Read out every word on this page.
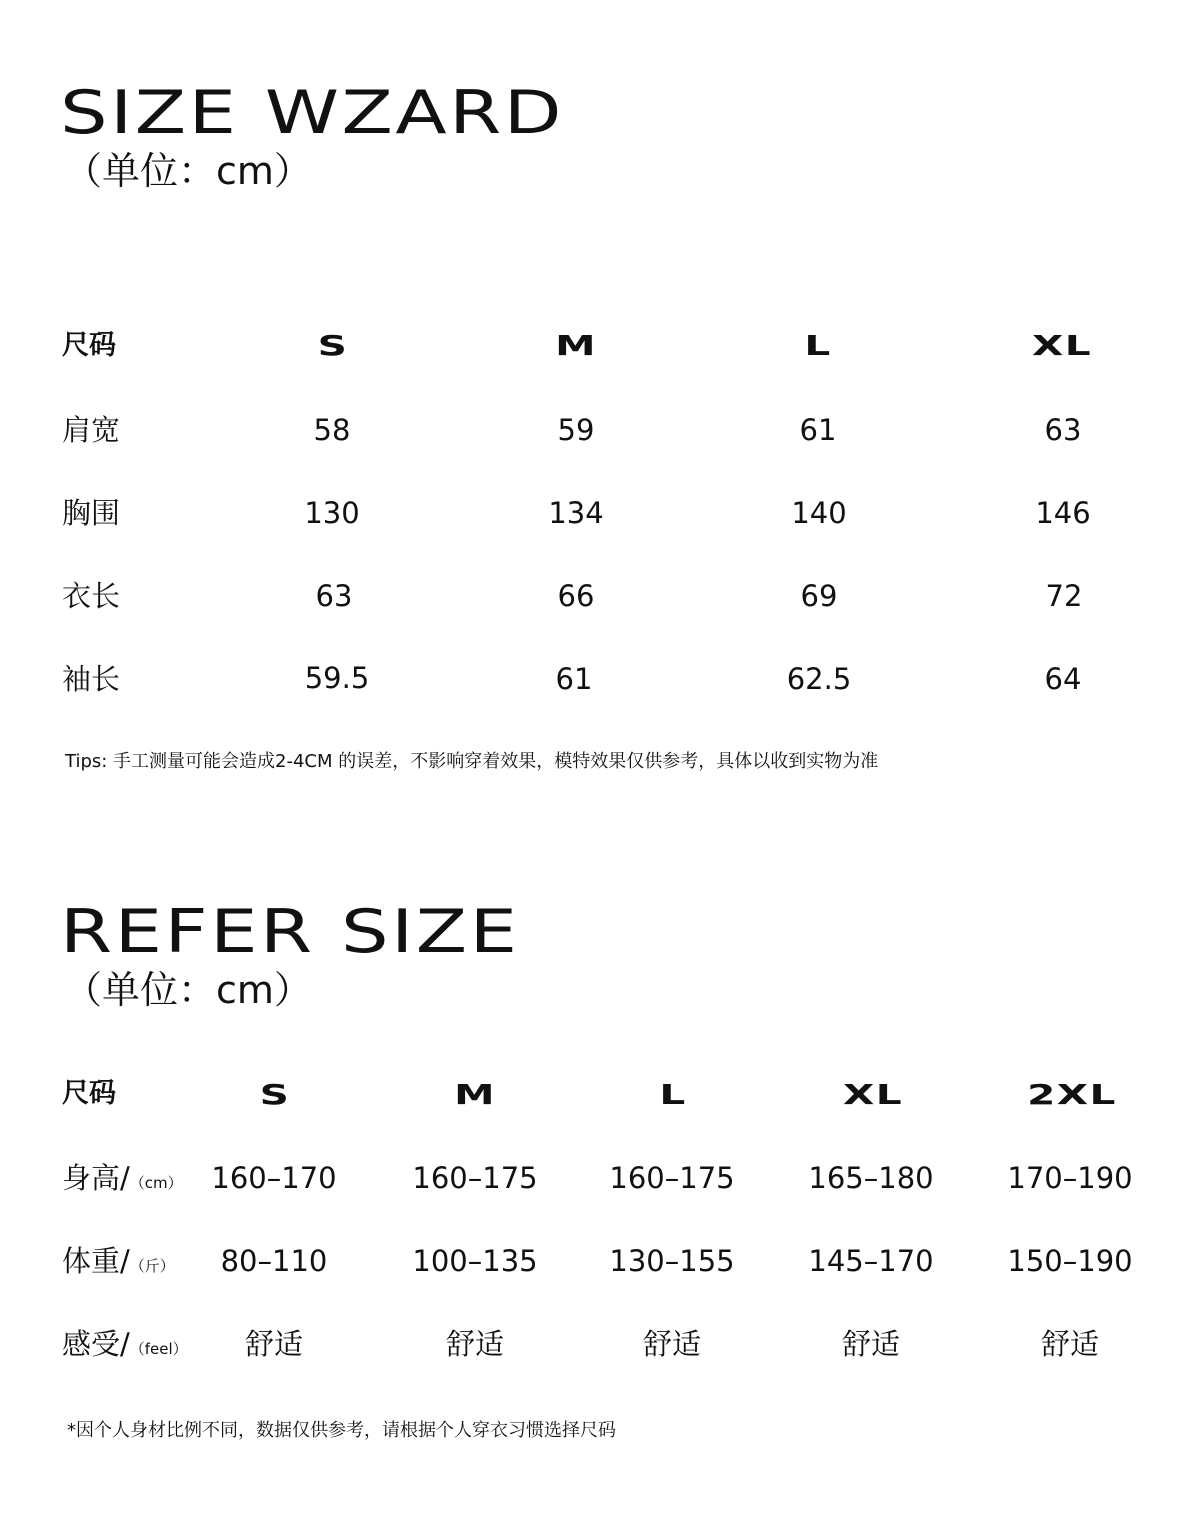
SIZE WZARD
（单位：cm）
尺码	S	M	L	XL
肩宽	58	59	61	63
胸围	130	134	140	146
衣长	63	66	69	72
袖长	59.5	61	62.5	64
Tips: 手工测量可能会造成2-4CM 的误差，不影响穿着效果，模特效果仅供参考，具体以收到实物为准
REFER SIZE
（单位：cm）
尺码	S	M	L	XL	2XL
身高/（cm） 160–170	160–175	160–175	165–180	170–190
体重/（斤）	80–110	100–135	130–155	145–170	150–190
感受/（feel）	舒适	舒适	舒适	舒适	舒适
*因个人身材比例不同，数据仅供参考，请根据个人穿衣习惯选择尺码
